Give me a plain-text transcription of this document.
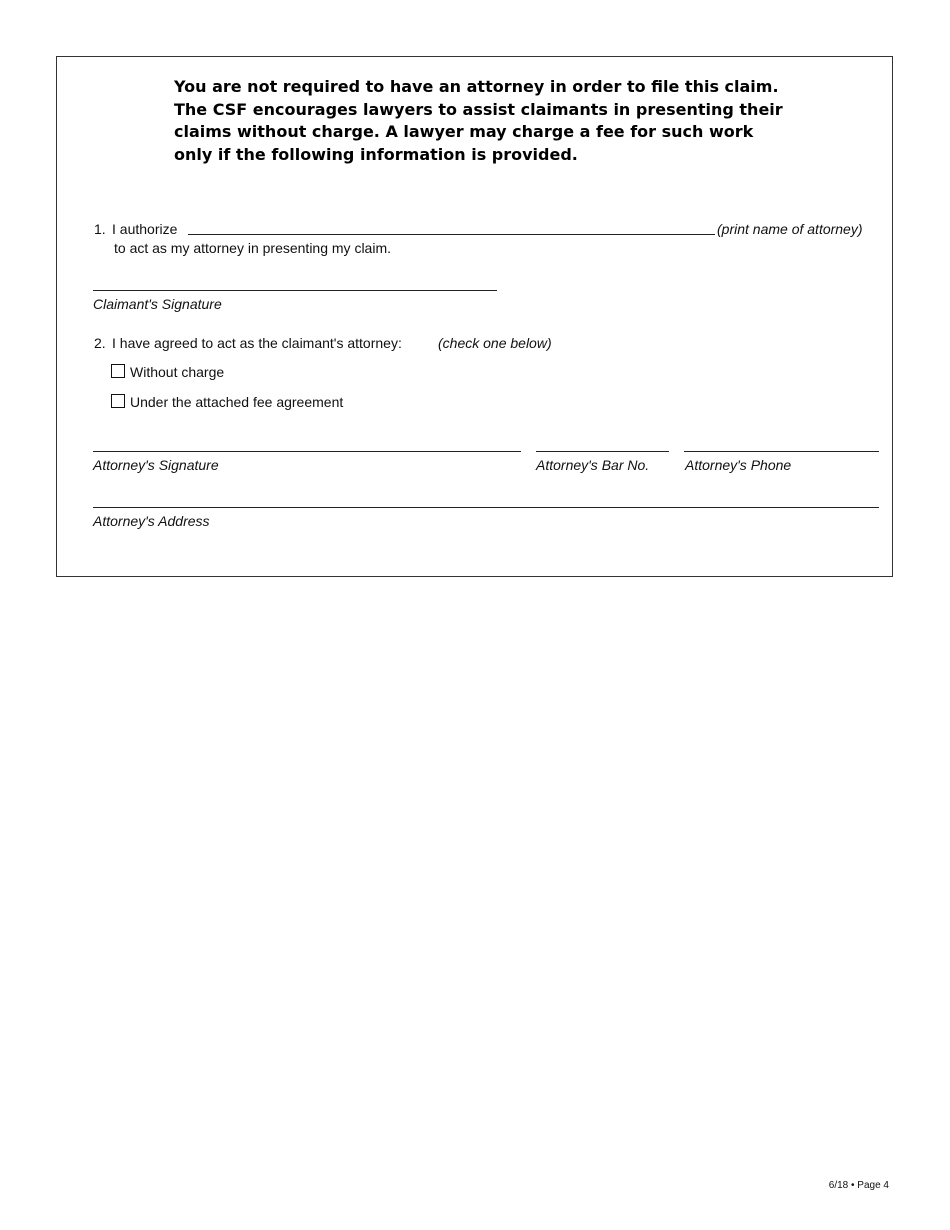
You are not required to have an attorney in order to file this claim.
The CSF encourages lawyers to assist claimants in presenting their
claims without charge. A lawyer may charge a fee for such work
only if the following information is provided.
1. I authorize	(print name of attorney)
to act as my attorney in presenting my claim.
Claimant's Signature
2. I have agreed to act as the claimant's attorney:	(check one below)
Without charge
Under the attached fee agreement
Attorney's Signature	Attorney's Bar No.	Attorney's Phone
Attorney's Address
6/18 • Page 4
